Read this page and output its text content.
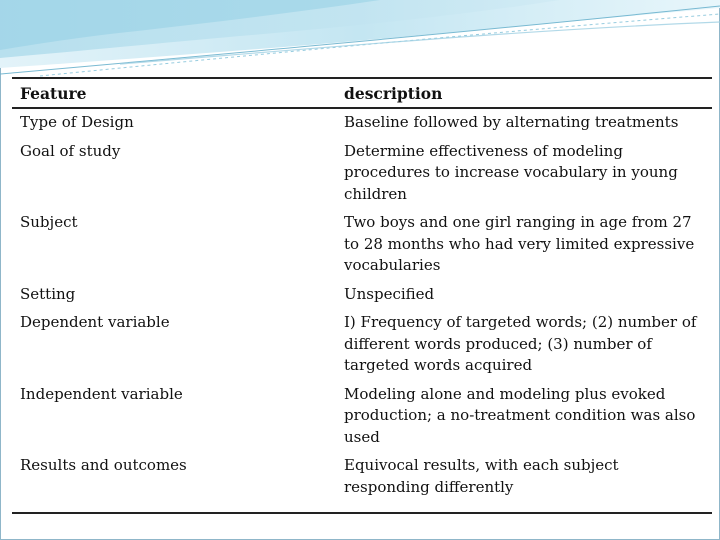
Feature	description
Type of Design	Baseline followed by alternating treatments
Goal of study	Determine effectiveness of modeling procedures to increase vocabulary in young children
Subject	Two boys and one girl ranging in age from 27 to 28 months who had very limited expressive vocabularies
Setting	Unspecified
Dependent variable	I) Frequency of targeted words; (2) number of different words produced; (3) number of targeted words acquired
Independent variable	Modeling alone and modeling plus evoked production; a no-treatment condition was also used
Results and outcomes	Equivocal results, with each subject responding differently
